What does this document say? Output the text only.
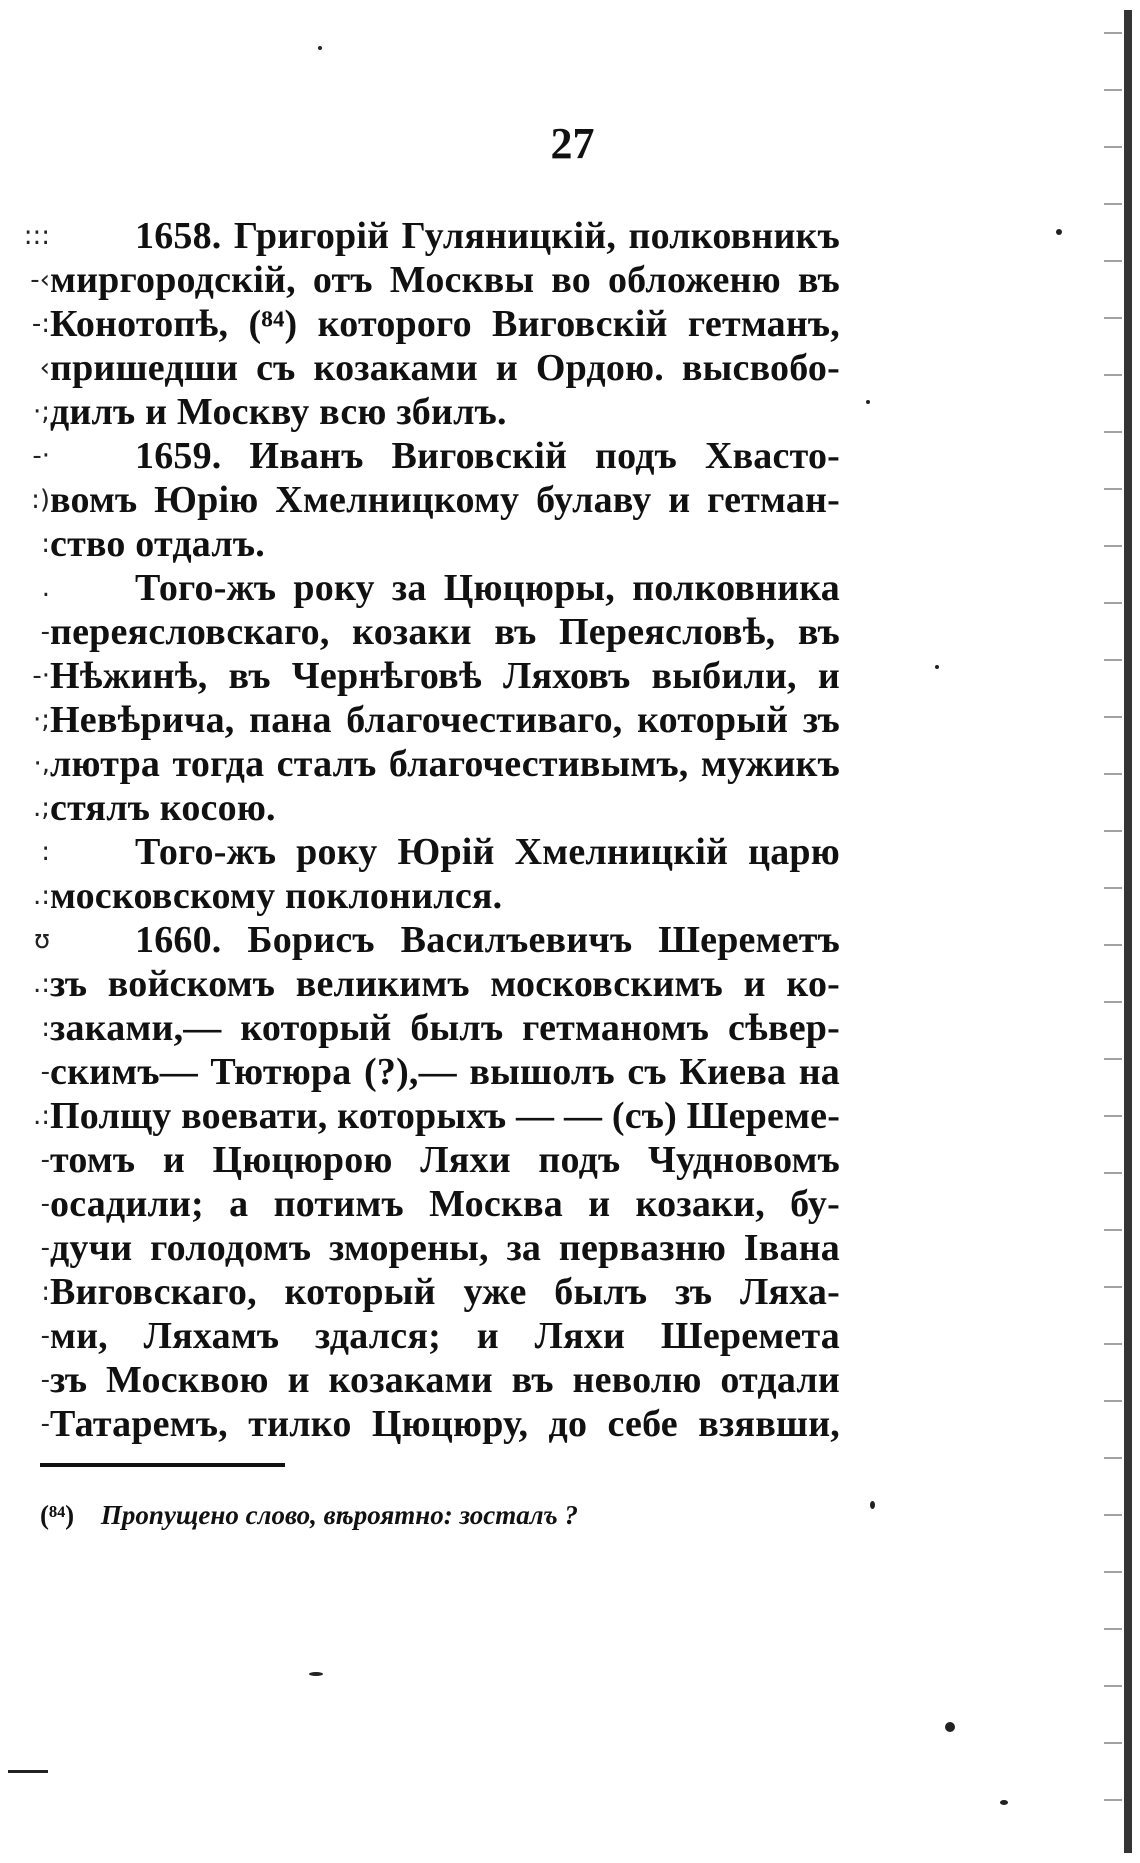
27
:::
-‹
-:
‹
·;
-·
:)
:
.
-
-·
·;
·,
.;
:
.:
ʊ
.:
:
-
.:
-
-
-
:
-
-
-
1658. Григорій Гуляницкій, полковникъ
миргородскій, отъ Москвы во обложеню въ
Конотопѣ, (⁸⁴) которого Виговскій гетманъ,
пришедши съ козаками и Ордою. высвобо-
дилъ и Москву всю збилъ.
1659. Иванъ Виговскій подъ Хвасто-
вомъ Юрію Хмелницкому булаву и гетман-
ство отдалъ.
Того-жъ року за Цюцюры, полковника
переясловскаго, козаки въ Переясловѣ, въ
Нѣжинѣ, въ Чернѣговѣ Ляховъ выбили, и
Невѣрича, пана благочестиваго, который зъ
лютра тогда сталъ благочестивымъ, мужикъ
стялъ косою.
Того-жъ року Юрій Хмелницкій царю
московскому поклонился.
1660. Борисъ Василъевичъ Шереметъ
зъ войскомъ великимъ московскимъ и ко-
заками,— который былъ гетманомъ сѣвер-
скимъ— Тютюра (?),— вышолъ съ Киева на
Полщу воевати, которыхъ — — (съ) Шереме-
томъ и Цюцюрою Ляхи подъ Чудновомъ
осадили; а потимъ Москва и козаки, бу-
дучи голодомъ зморены, за первазню Івана
Виговскаго, который уже былъ зъ Ляха-
ми, Ляхамъ здался; и Ляхи Шеремета
зъ Москвою и козаками въ неволю отдали
Татаремъ, тилко Цюцюру, до себе взявши,
(⁸⁴) Пропущено слово, вѣроятно: зосталъ ?
